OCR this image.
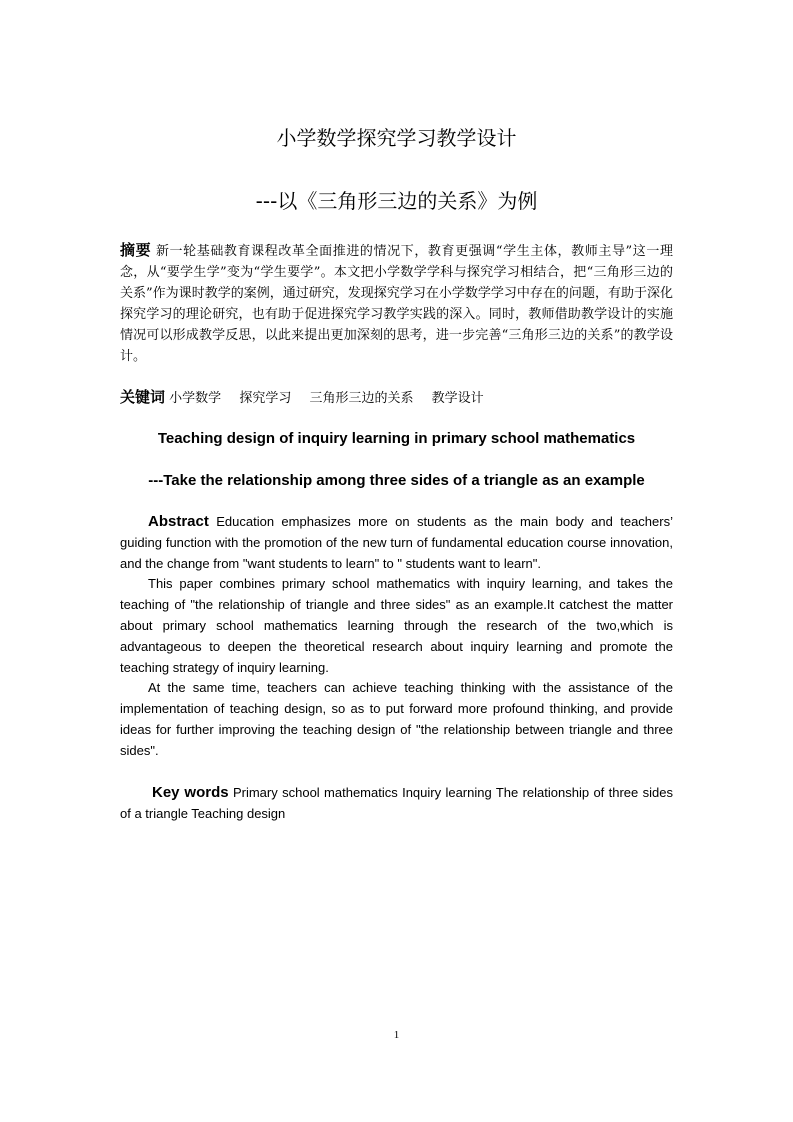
小学数学探究学习教学设计
---以《三角形三边的关系》为例
摘要 新一轮基础教育课程改革全面推进的情况下，教育更强调“学生主体，教师主导”这一理念，从“要学生学”变为“学生要学”。本文把小学数学学科与探究学习相结合，把“三角形三边的关系”作为课时教学的案例，通过研究，发现探究学习在小学数学学习中存在的问题，有助于深化探究学习的理论研究，也有助于促进探究学习教学实践的深入。同时，教师借助教学设计的实施情况可以形成教学反思，以此来提出更加深刻的思考，进一步完善“三角形三边的关系”的教学设计。
关键词 小学数学 探究学习 三角形三边的关系 教学设计
Teaching design of inquiry learning in primary school mathematics
---Take the relationship among three sides of a triangle as an example

Abstract Education emphasizes more on students as the main body and teachers’ guiding function with the promotion of the new turn of fundamental education course innovation, and the change from "want students to learn" to " students want to learn".

This paper combines primary school mathematics with inquiry learning, and takes the teaching of "the relationship of triangle and three sides" as an example.It catchest the matter about primary school mathematics learning through the research of the two,which is advantageous to deepen the theoretical research about inquiry learning and promote the teaching strategy of inquiry learning.

At the same time, teachers can achieve teaching thinking with the assistance of the implementation of teaching design, so as to put forward more profound thinking, and provide ideas for further improving the teaching design of "the relationship between triangle and three sides".

Key words Primary school mathematics Inquiry learning The relationship of three sides of a triangle Teaching design
1
